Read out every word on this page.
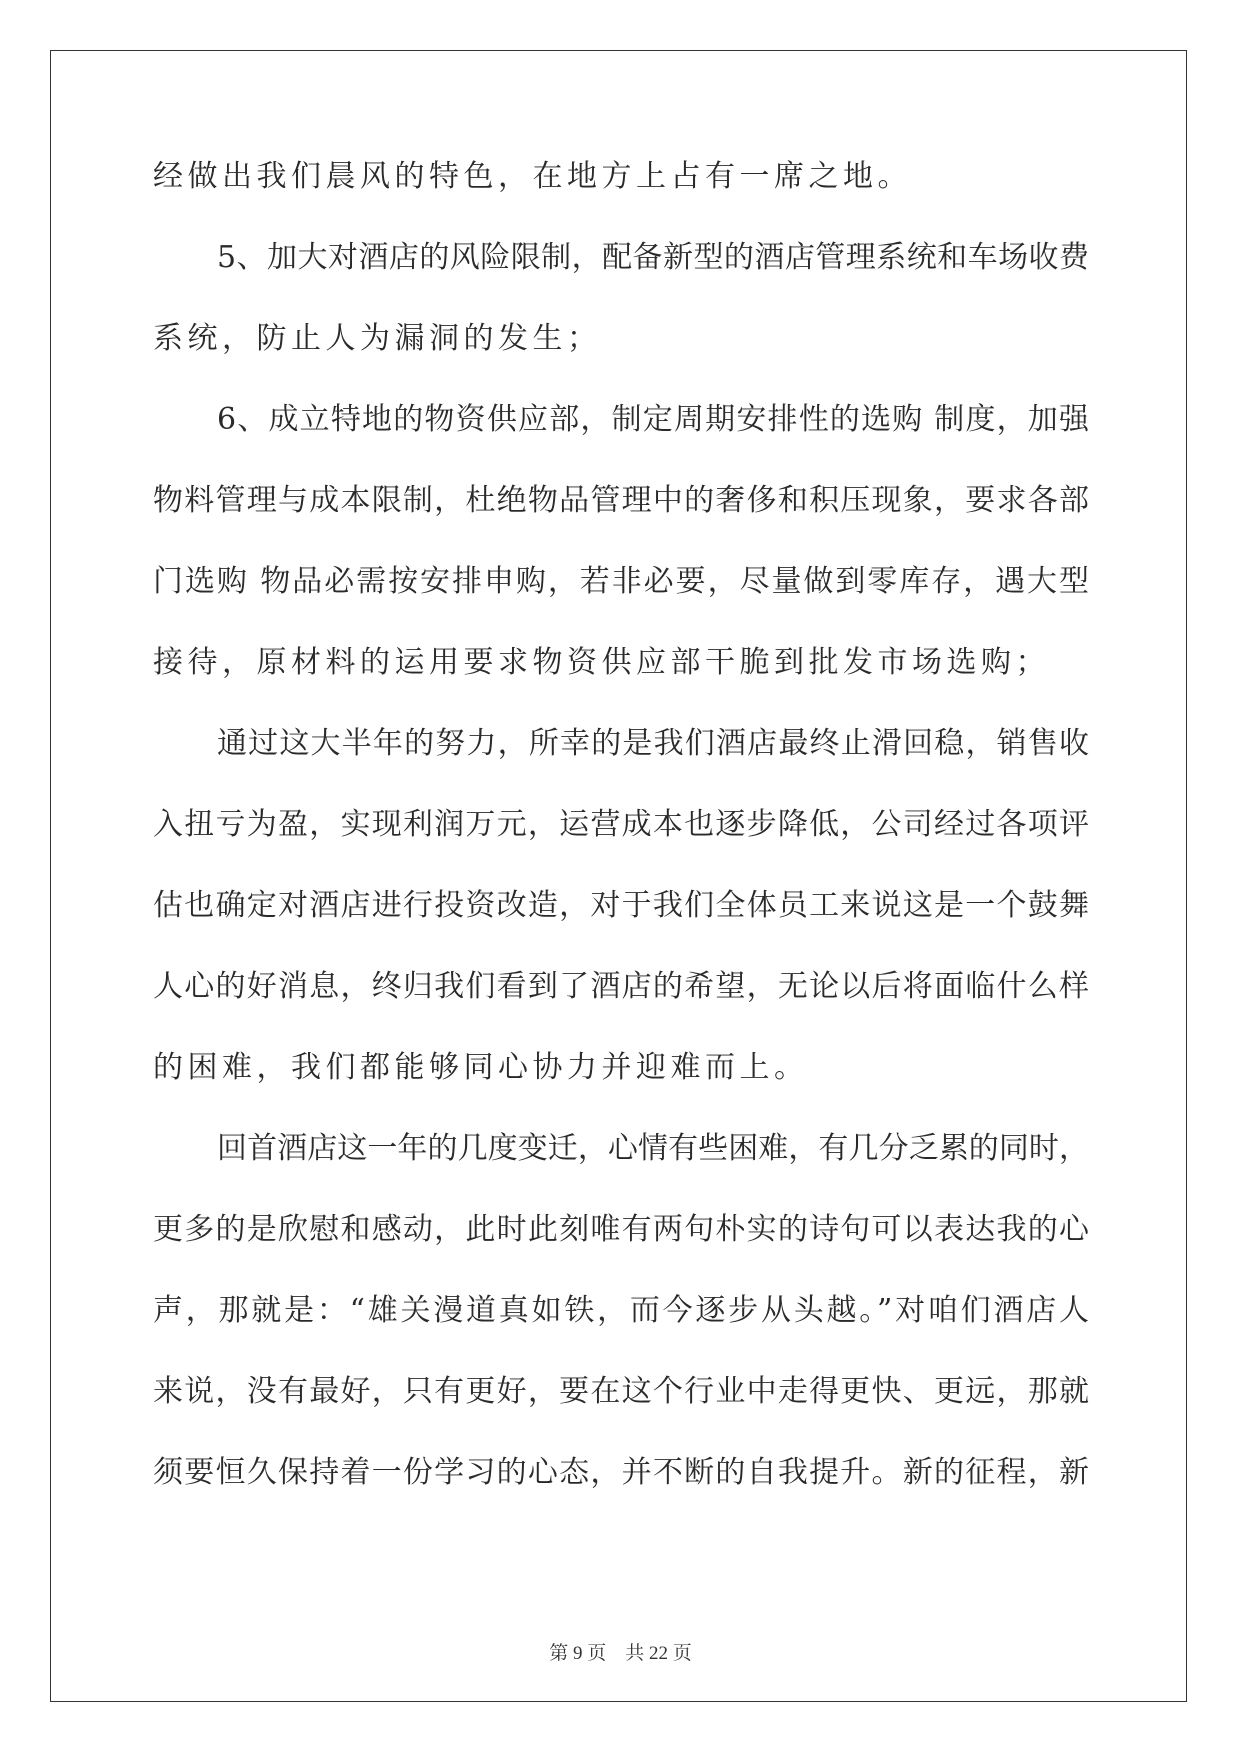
经做出我们晨风的特色，在地方上占有一席之地。

5、加大对酒店的风险限制，配备新型的酒店管理系统和车场收费

系统，防止人为漏洞的发生；

6、成立特地的物资供应部，制定周期安排性的选购 制度，加强

物料管理与成本限制，杜绝物品管理中的奢侈和积压现象，要求各部

门选购 物品必需按安排申购，若非必要，尽量做到零库存，遇大型

接待，原材料的运用要求物资供应部干脆到批发市场选购；

通过这大半年的努力，所幸的是我们酒店最终止滑回稳，销售收

入扭亏为盈，实现利润万元，运营成本也逐步降低，公司经过各项评

估也确定对酒店进行投资改造，对于我们全体员工来说这是一个鼓舞

人心的好消息，终归我们看到了酒店的希望，无论以后将面临什么样

的困难，我们都能够同心协力并迎难而上。

回首酒店这一年的几度变迁，心情有些困难，有几分乏累的同时，

更多的是欣慰和感动，此时此刻唯有两句朴实的诗句可以表达我的心

声，那就是：“雄关漫道真如铁，而今逐步从头越。”对咱们酒店人

来说，没有最好，只有更好，要在这个行业中走得更快、更远，那就

须要恒久保持着一份学习的心态，并不断的自我提升。新的征程，新

第 9 页    共 22 页
